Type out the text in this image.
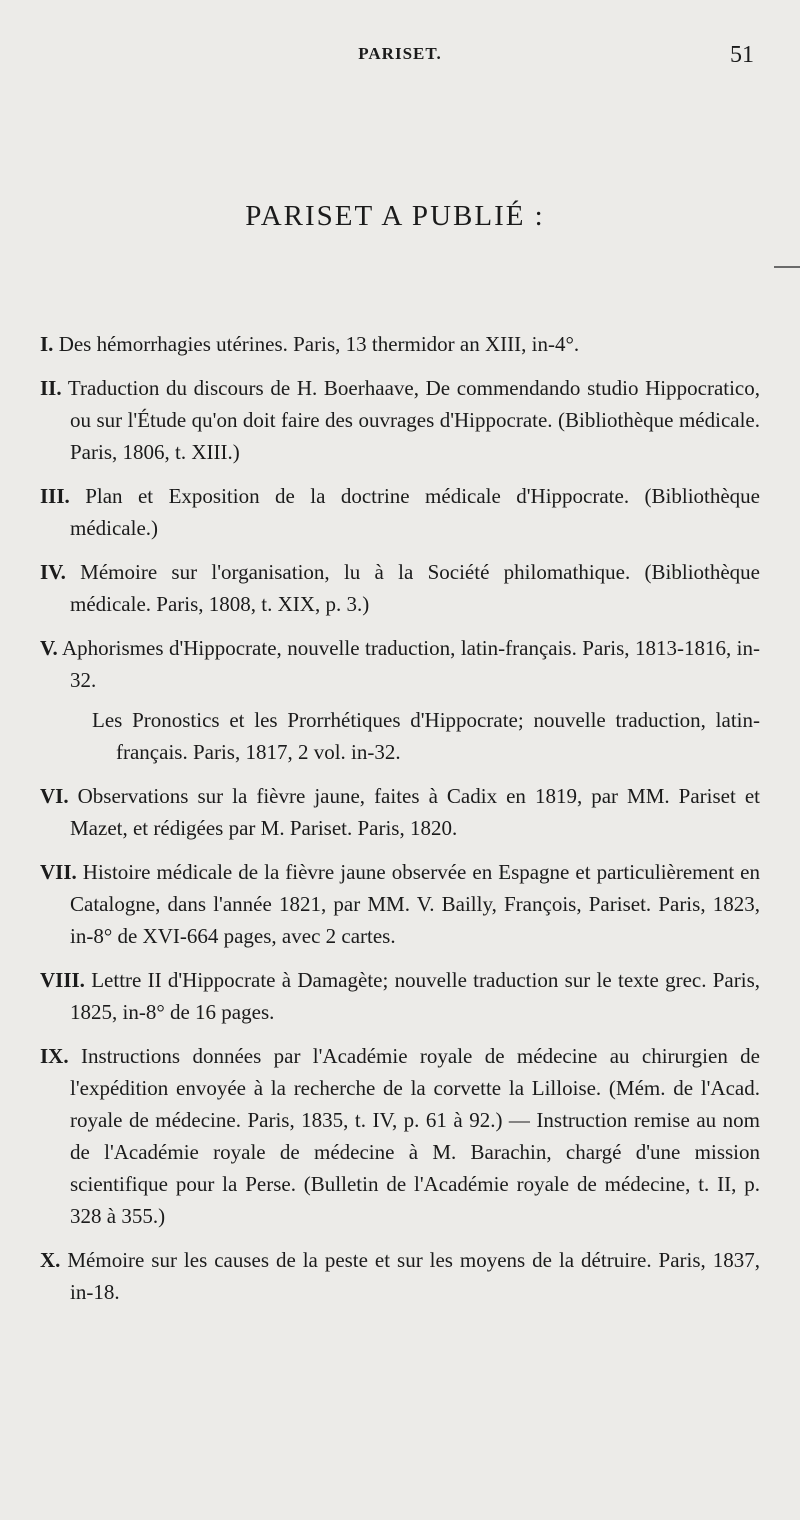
PARISET.	51
PARISET A PUBLIÉ :

I. Des hémorrhagies utérines. Paris, 13 thermidor an XIII, in-4°.

II. Traduction du discours de H. Boerhaave, De commendando studio Hippocratico, ou sur l'Étude qu'on doit faire des ouvrages d'Hippocrate. (Bibliothèque médicale. Paris, 1806, t. XIII.)

III. Plan et Exposition de la doctrine médicale d'Hippocrate. (Bibliothèque médicale.)

IV. Mémoire sur l'organisation, lu à la Société philomathique. (Bibliothèque médicale. Paris, 1808, t. XIX, p. 3.)

V. Aphorismes d'Hippocrate, nouvelle traduction, latin-français. Paris, 1813-1816, in-32.

Les Pronostics et les Prorrhétiques d'Hippocrate; nouvelle traduction, latin-français. Paris, 1817, 2 vol. in-32.

VI. Observations sur la fièvre jaune, faites à Cadix en 1819, par MM. Pariset et Mazet, et rédigées par M. Pariset. Paris, 1820.

VII. Histoire médicale de la fièvre jaune observée en Espagne et particulièrement en Catalogne, dans l'année 1821, par MM. V. Bailly, François, Pariset. Paris, 1823, in-8° de XVI-664 pages, avec 2 cartes.

VIII. Lettre II d'Hippocrate à Damagète; nouvelle traduction sur le texte grec. Paris, 1825, in-8° de 16 pages.

IX. Instructions données par l'Académie royale de médecine au chirurgien de l'expédition envoyée à la recherche de la corvette la Lilloise. (Mém. de l'Acad. royale de médecine. Paris, 1835, t. IV, p. 61 à 92.) — Instruction remise au nom de l'Académie royale de médecine à M. Barachin, chargé d'une mission scientifique pour la Perse. (Bulletin de l'Académie royale de médecine, t. II, p. 328 à 355.)

X. Mémoire sur les causes de la peste et sur les moyens de la détruire. Paris, 1837, in-18.
